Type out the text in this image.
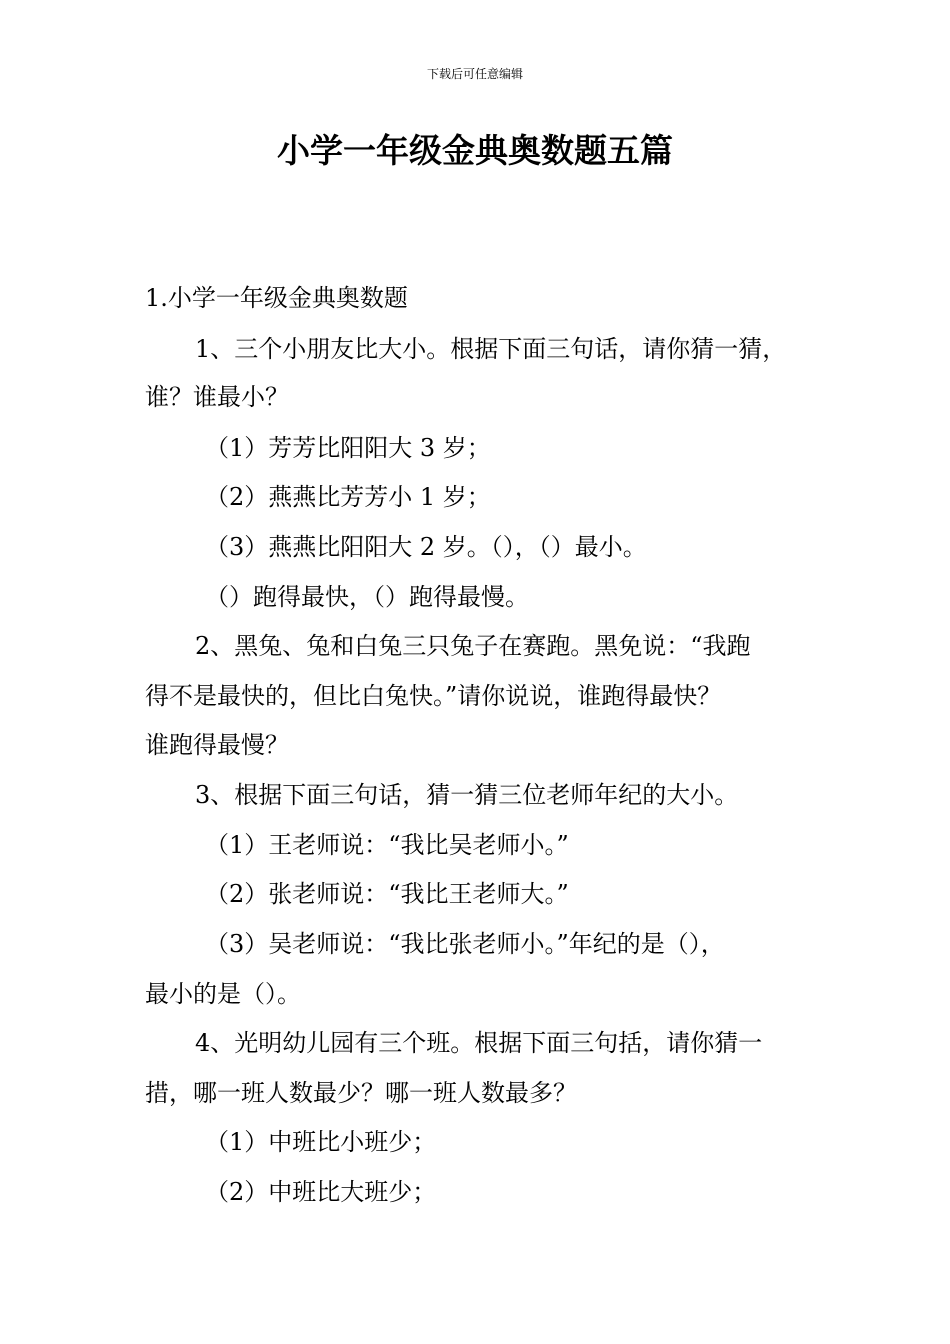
下载后可任意编辑
小学一年级金典奥数题五篇
1.小学一年级金典奥数题
1、三个小朋友比大小。根据下面三句话，请你猜一猜，
谁？谁最小？
（1）芳芳比阳阳大 3 岁；
（2）燕燕比芳芳小 1 岁；
（3）燕燕比阳阳大 2 岁。（），（）最小。
（）跑得最快，（）跑得最慢。
2、黑兔、兔和白兔三只兔子在赛跑。黑免说：“我跑
得不是最快的，但比白兔快。”请你说说，谁跑得最快？
谁跑得最慢？
3、根据下面三句话，猜一猜三位老师年纪的大小。
（1）王老师说：“我比吴老师小。”
（2）张老师说：“我比王老师大。”
（3）吴老师说：“我比张老师小。”年纪的是（），
最小的是（）。
4、光明幼儿园有三个班。根据下面三句括，请你猜一
措，哪一班人数最少？哪一班人数最多？
（1）中班比小班少；
（2）中班比大班少；
